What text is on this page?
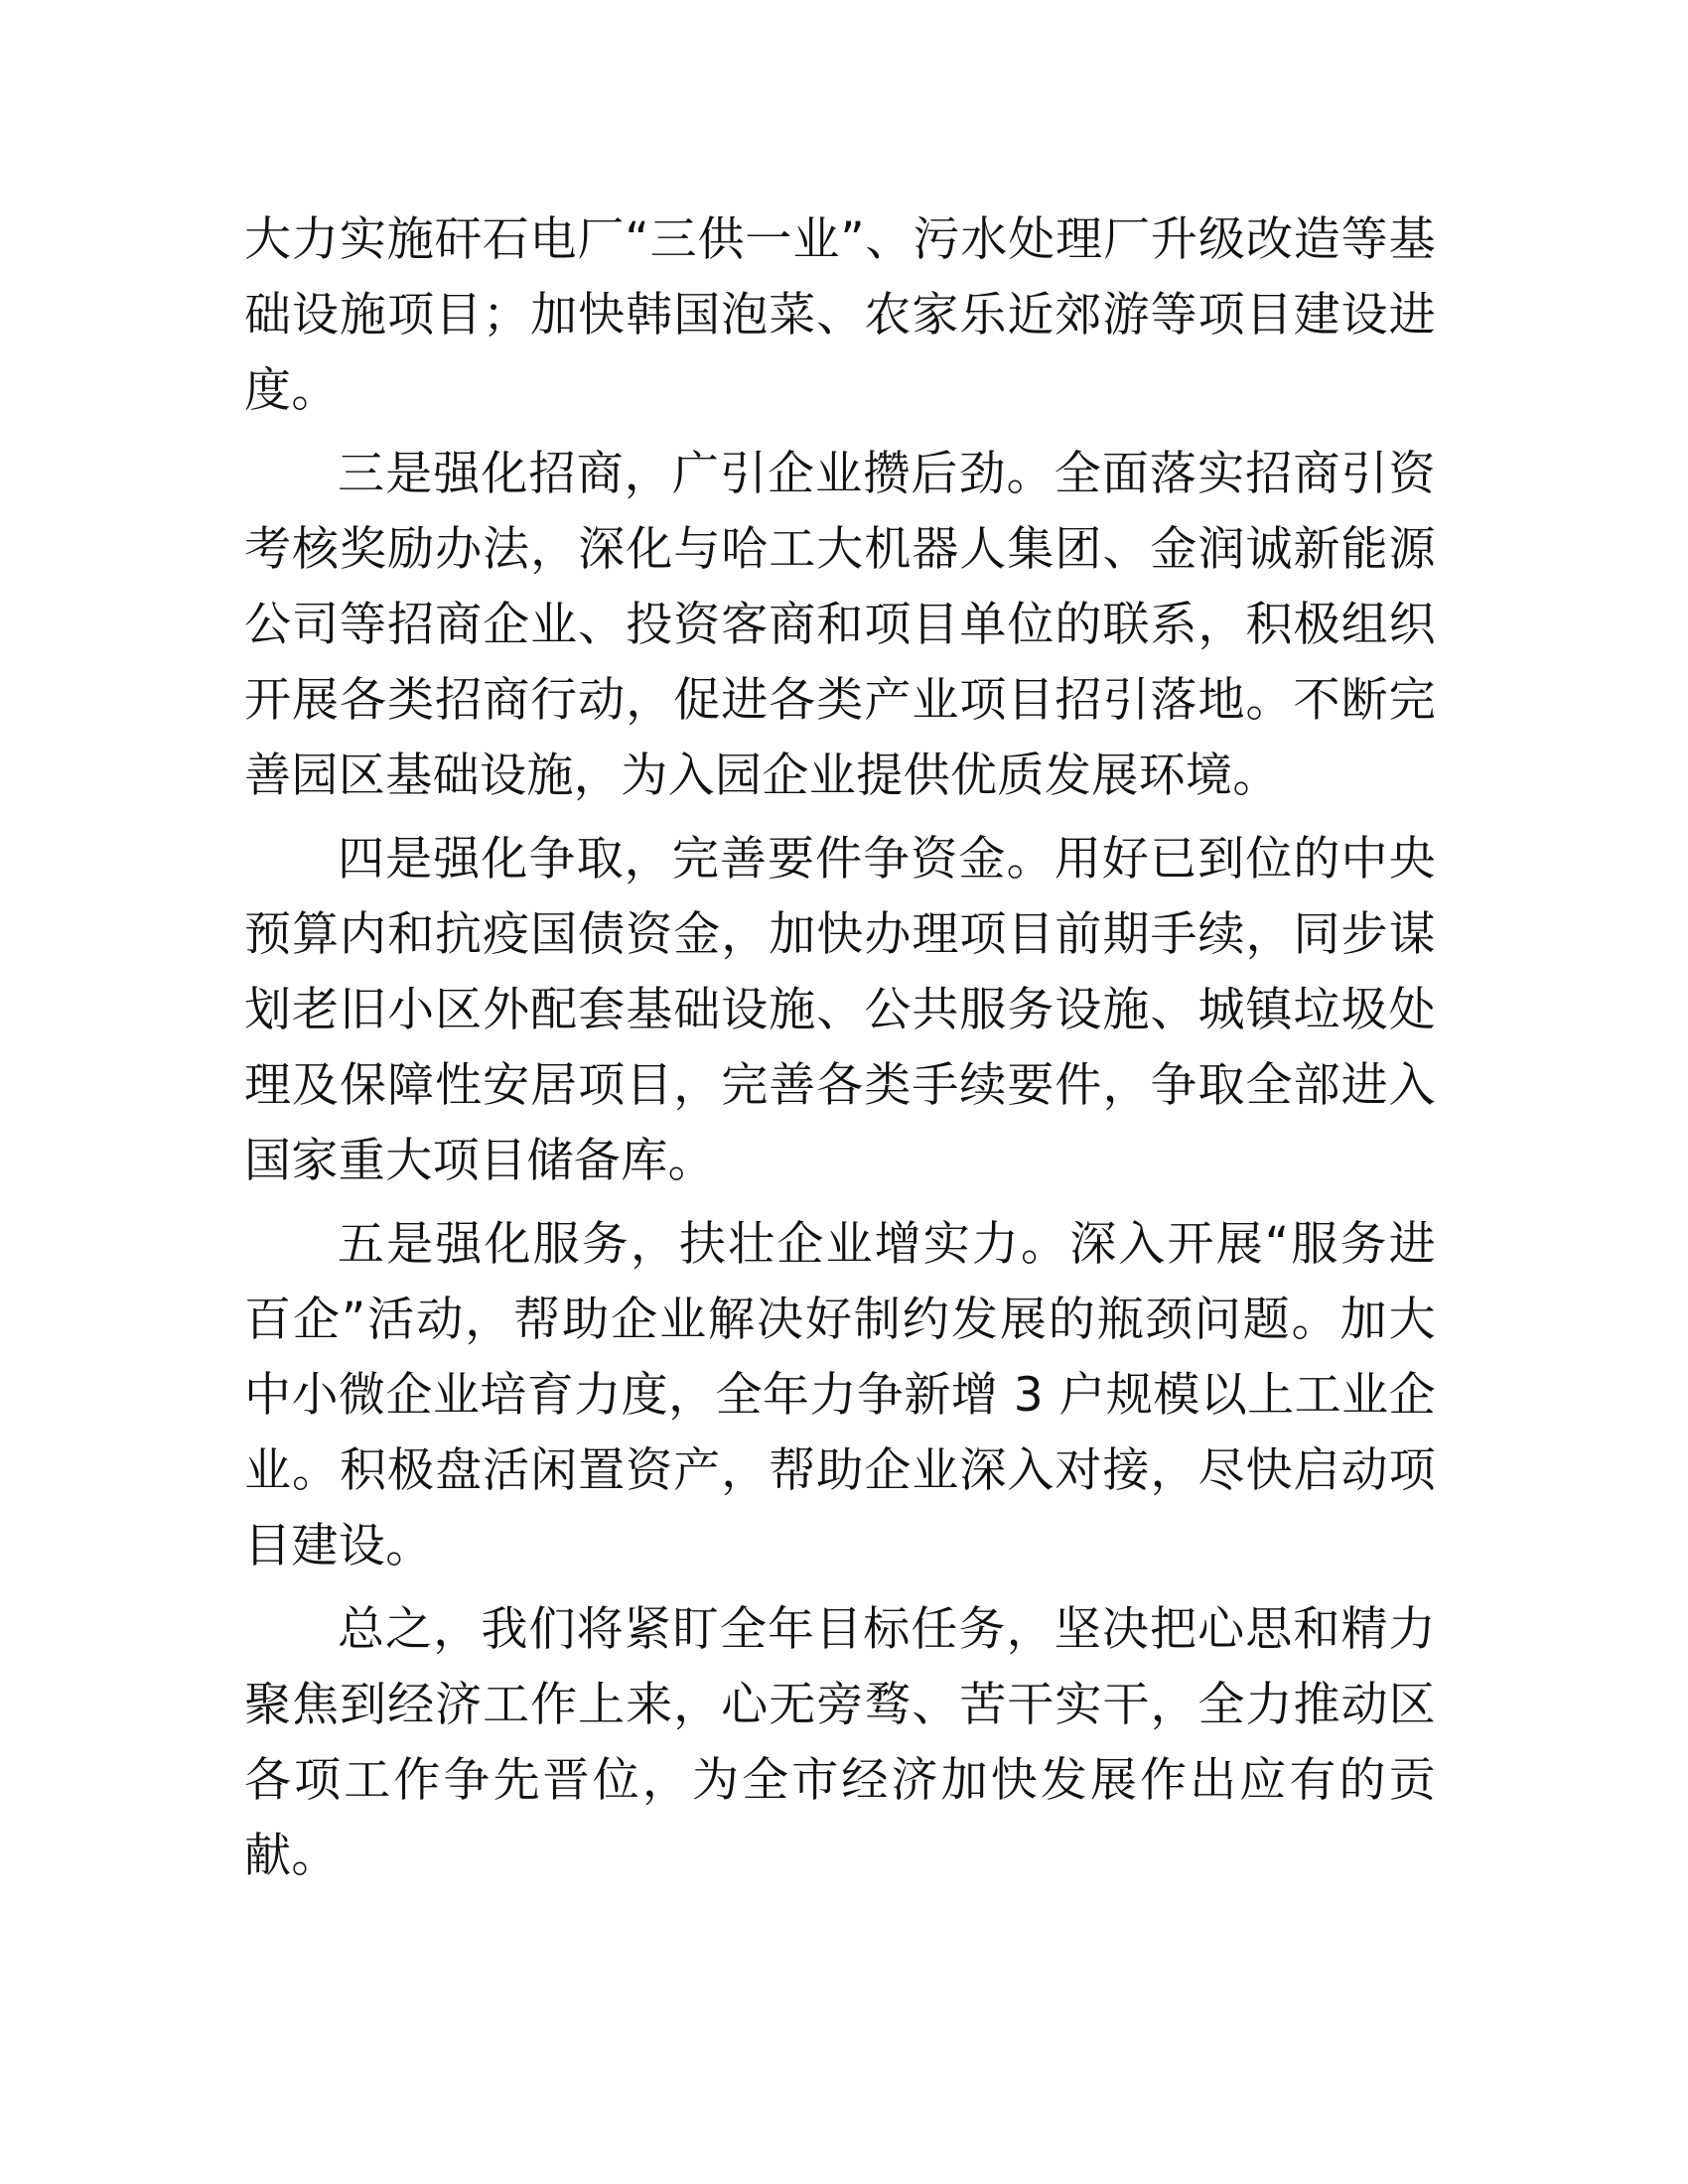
大力实施矸石电厂“三供一业”、污水处理厂升级改造等基础设施项目；加快韩国泡菜、农家乐近郊游等项目建设进度。

三是强化招商，广引企业攒后劲。全面落实招商引资考核奖励办法，深化与哈工大机器人集团、金润诚新能源公司等招商企业、投资客商和项目单位的联系，积极组织开展各类招商行动，促进各类产业项目招引落地。不断完善园区基础设施，为入园企业提供优质发展环境。

四是强化争取，完善要件争资金。用好已到位的中央预算内和抗疫国债资金，加快办理项目前期手续，同步谋划老旧小区外配套基础设施、公共服务设施、城镇垃圾处理及保障性安居项目，完善各类手续要件，争取全部进入国家重大项目储备库。

五是强化服务，扶壮企业增实力。深入开展“服务进百企”活动，帮助企业解决好制约发展的瓶颈问题。加大中小微企业培育力度，全年力争新增 3 户规模以上工业企业。积极盘活闲置资产，帮助企业深入对接，尽快启动项目建设。

总之，我们将紧盯全年目标任务，坚决把心思和精力聚焦到经济工作上来，心无旁骛、苦干实干，全力推动区各项工作争先晋位，为全市经济加快发展作出应有的贡献。
